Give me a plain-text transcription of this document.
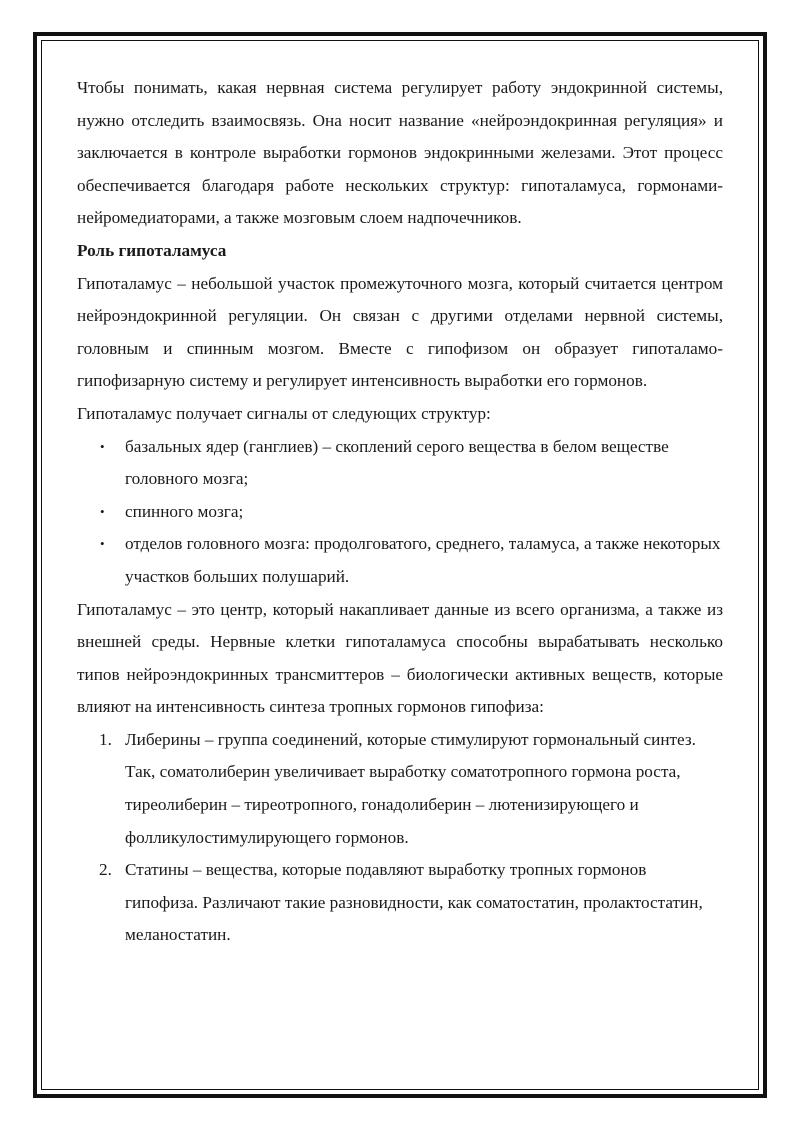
Чтобы понимать, какая нервная система регулирует работу эндокринной системы, нужно отследить взаимосвязь. Она носит название «нейроэндокринная регуляция» и заключается в контроле выработки гормонов эндокринными железами. Этот процесс обеспечивается благодаря работе нескольких структур: гипоталамуса, гормонами-нейромедиаторами, а также мозговым слоем надпочечников.

Роль гипоталамуса

Гипоталамус – небольшой участок промежуточного мозга, который считается центром нейроэндокринной регуляции. Он связан с другими отделами нервной системы, головным и спинным мозгом. Вместе с гипофизом он образует гипоталамо-гипофизарную систему и регулирует интенсивность выработки его гормонов.

Гипоталамус получает сигналы от следующих структур:

• базальных ядер (ганглиев) – скоплений серого вещества в белом веществе головного мозга;
• спинного мозга;
• отделов головного мозга: продолговатого, среднего, таламуса, а также некоторых участков больших полушарий.

Гипоталамус – это центр, который накапливает данные из всего организма, а также из внешней среды. Нервные клетки гипоталамуса способны вырабатывать несколько типов нейроэндокринных трансмиттеров – биологически активных веществ, которые влияют на интенсивность синтеза тропных гормонов гипофиза:

1. Либерины – группа соединений, которые стимулируют гормональный синтез. Так, соматолиберин увеличивает выработку соматотропного гормона роста, тиреолиберин – тиреотропного, гонадолиберин – лютенизирующего и фолликулостимулирующего гормонов.
2. Статины – вещества, которые подавляют выработку тропных гормонов гипофиза. Различают такие разновидности, как соматостатин, пролактостатин, меланостатин.
